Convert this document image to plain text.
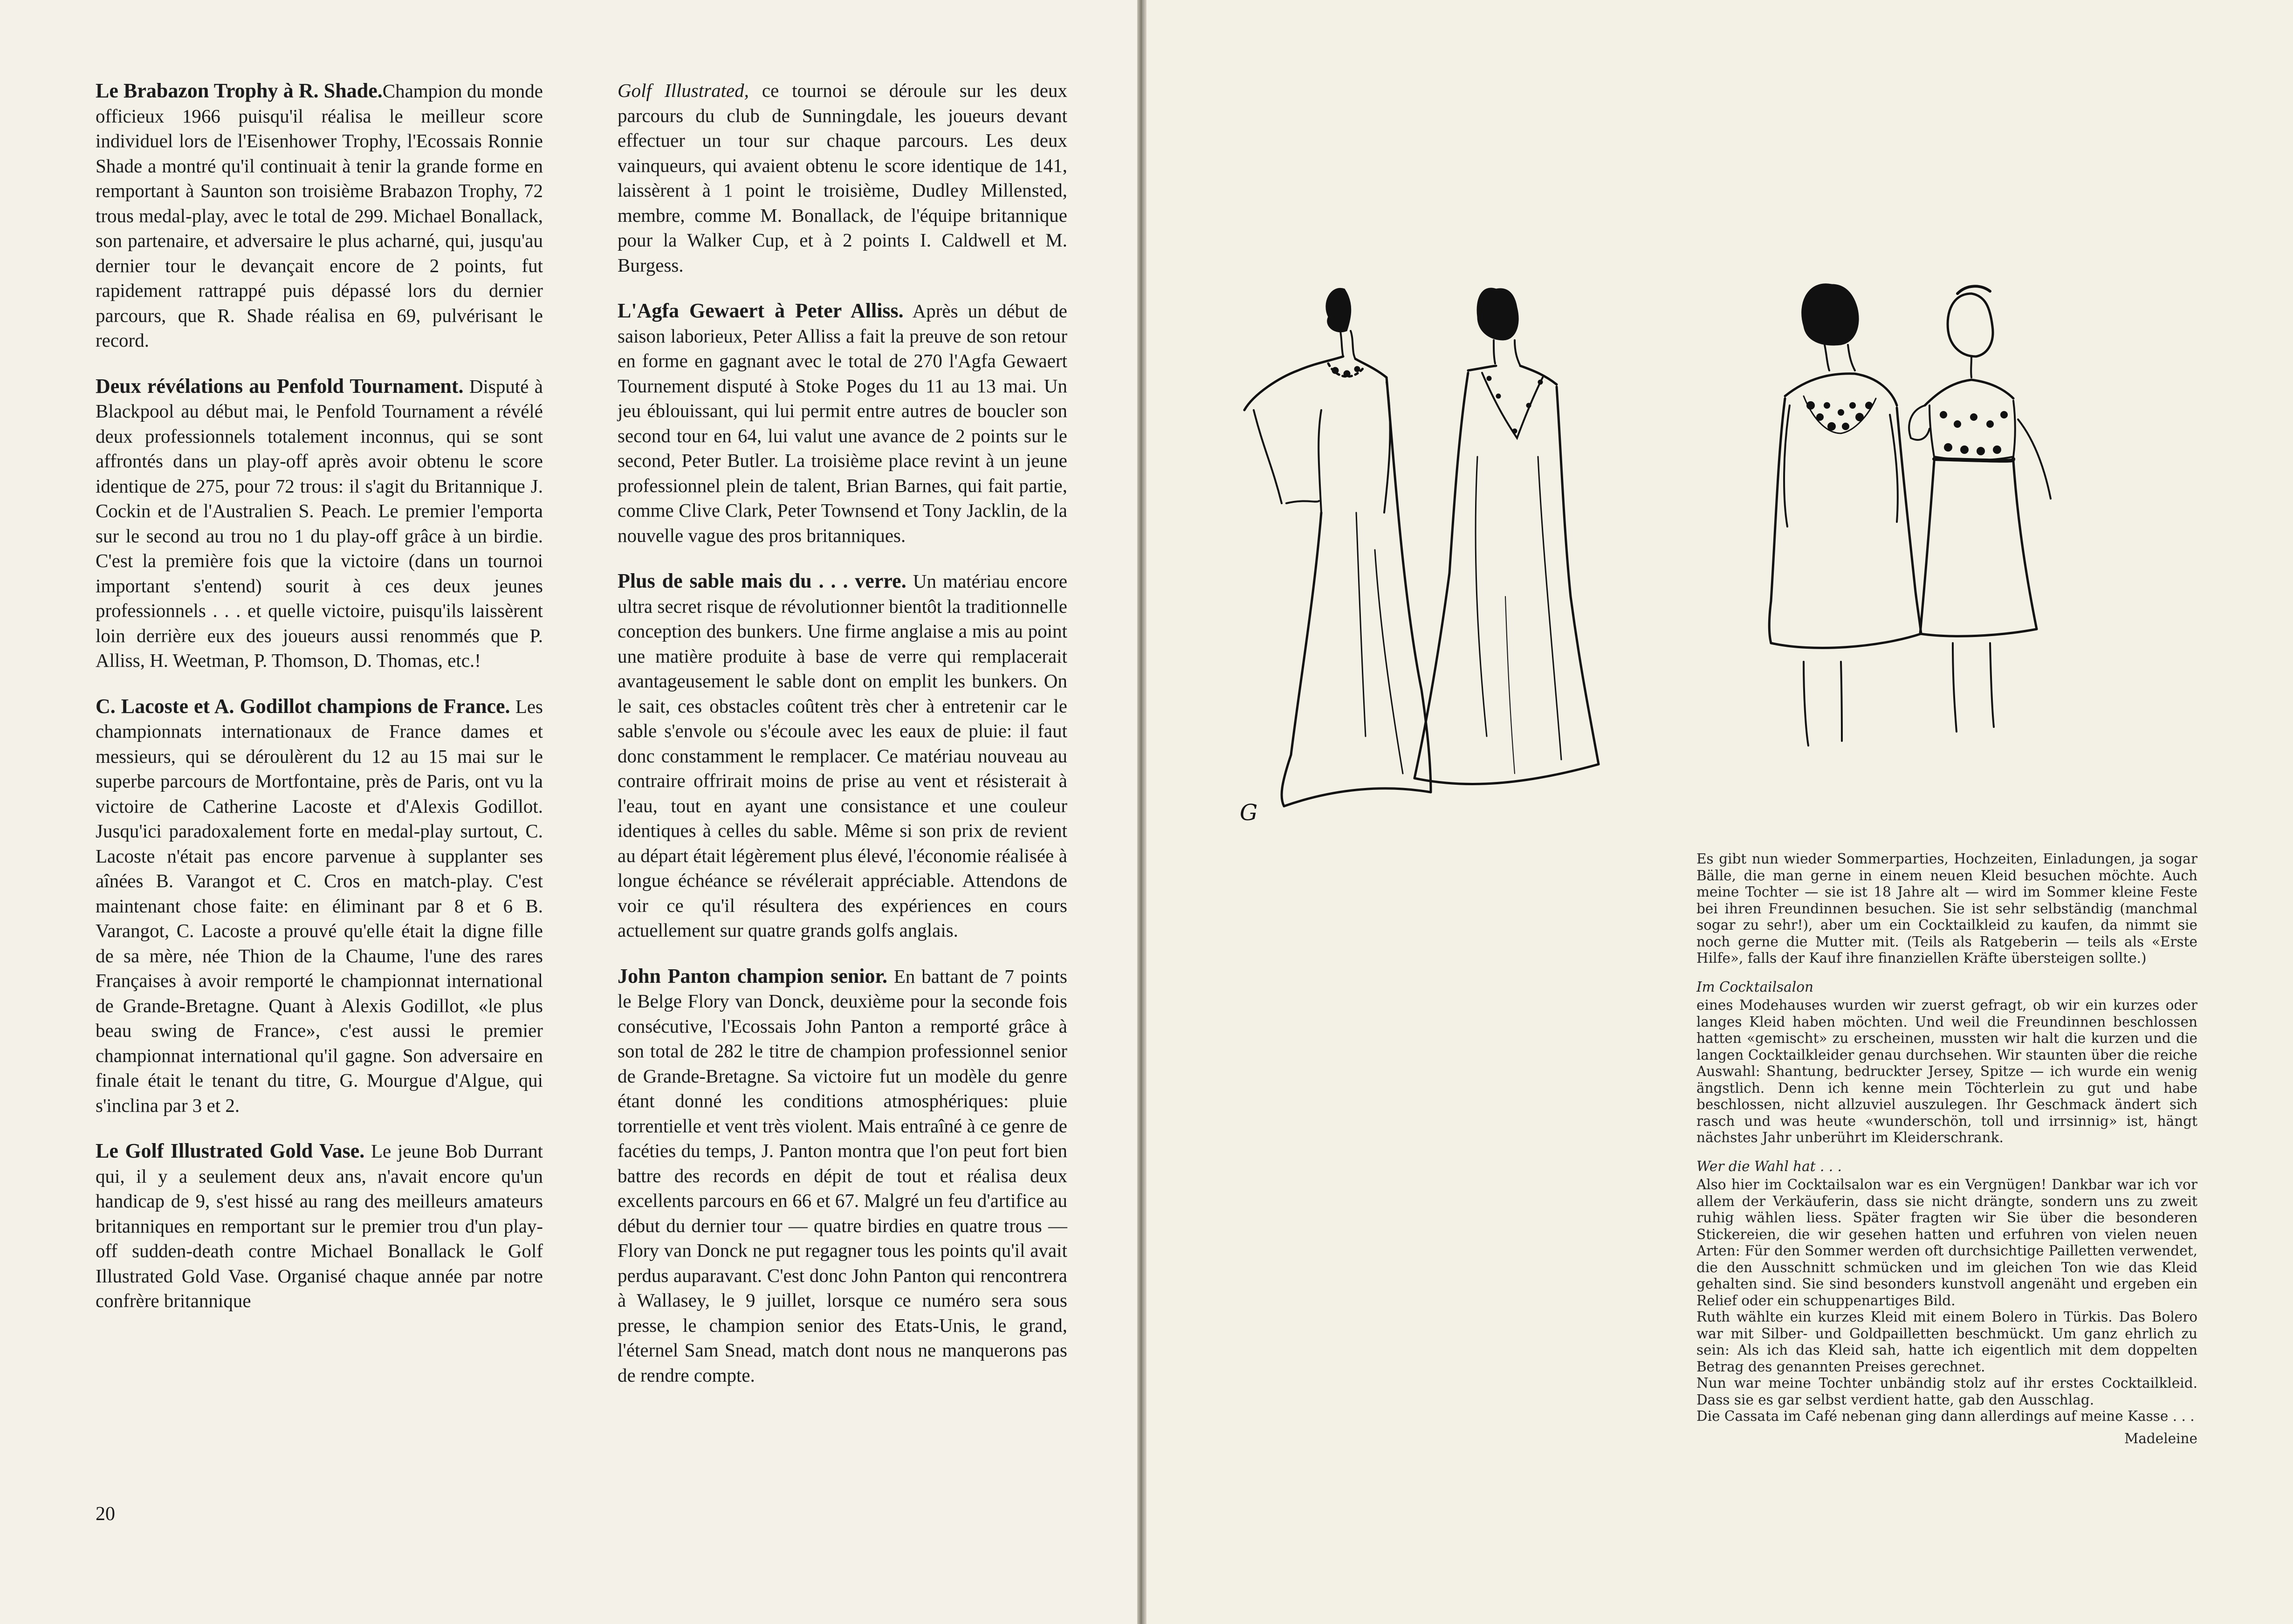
Le Brabazon Trophy à R. Shade.Champion du monde officieux 1966 puisqu'il réalisa le meilleur score individuel lors de l'Eisenhower Trophy, l'Ecossais Ronnie Shade a montré qu'il continuait à tenir la grande forme en remportant à Saunton son troisième Brabazon Trophy, 72 trous medal-play, avec le total de 299. Michael Bonallack, son partenaire, et adversaire le plus acharné, qui, jusqu'au dernier tour le devançait encore de 2 points, fut rapidement rattrappé puis dépassé lors du dernier parcours, que R. Shade réalisa en 69, pulvérisant le record.

Deux révélations au Penfold Tournament. Disputé à Blackpool au début mai, le Penfold Tournament a révélé deux professionnels totalement inconnus, qui se sont affrontés dans un play-off après avoir obtenu le score identique de 275, pour 72 trous: il s'agit du Britannique J. Cockin et de l'Australien S. Peach. Le premier l'emporta sur le second au trou no 1 du play-off grâce à un birdie. C'est la première fois que la victoire (dans un tournoi important s'entend) sourit à ces deux jeunes professionnels . . . et quelle victoire, puisqu'ils laissèrent loin derrière eux des joueurs aussi renommés que P. Alliss, H. Weetman, P. Thomson, D. Thomas, etc.!

C. Lacoste et A. Godillot champions de France. Les championnats internationaux de France dames et messieurs, qui se déroulèrent du 12 au 15 mai sur le superbe parcours de Mortfontaine, près de Paris, ont vu la victoire de Catherine Lacoste et d'Alexis Godillot. Jusqu'ici paradoxalement forte en medal-play surtout, C. Lacoste n'était pas encore parvenue à supplanter ses aînées B. Varangot et C. Cros en match-play. C'est maintenant chose faite: en éliminant par 8 et 6 B. Varangot, C. Lacoste a prouvé qu'elle était la digne fille de sa mère, née Thion de la Chaume, l'une des rares Françaises à avoir remporté le championnat international de Grande-Bretagne. Quant à Alexis Godillot, «le plus beau swing de France», c'est aussi le premier championnat international qu'il gagne. Son adversaire en finale était le tenant du titre, G. Mourgue d'Algue, qui s'inclina par 3 et 2.

Le Golf Illustrated Gold Vase. Le jeune Bob Durrant qui, il y a seulement deux ans, n'avait encore qu'un handicap de 9, s'est hissé au rang des meilleurs amateurs britanniques en remportant sur le premier trou d'un play-off sudden-death contre Michael Bonallack le Golf Illustrated Gold Vase. Organisé chaque année par notre confrère britannique

Golf Illustrated, ce tournoi se déroule sur les deux parcours du club de Sunningdale, les joueurs devant effectuer un tour sur chaque parcours. Les deux vainqueurs, qui avaient obtenu le score identique de 141, laissèrent à 1 point le troisième, Dudley Millensted, membre, comme M. Bonallack, de l'équipe britannique pour la Walker Cup, et à 2 points I. Caldwell et M. Burgess.

L'Agfa Gewaert à Peter Alliss. Après un début de saison laborieux, Peter Alliss a fait la preuve de son retour en forme en gagnant avec le total de 270 l'Agfa Gewaert Tournement disputé à Stoke Poges du 11 au 13 mai. Un jeu éblouissant, qui lui permit entre autres de boucler son second tour en 64, lui valut une avance de 2 points sur le second, Peter Butler. La troisième place revint à un jeune professionnel plein de talent, Brian Barnes, qui fait partie, comme Clive Clark, Peter Townsend et Tony Jacklin, de la nouvelle vague des pros britanniques.

Plus de sable mais du . . . verre. Un matériau encore ultra secret risque de révolutionner bientôt la traditionnelle conception des bunkers. Une firme anglaise a mis au point une matière produite à base de verre qui remplacerait avantageusement le sable dont on emplit les bunkers. On le sait, ces obstacles coûtent très cher à entretenir car le sable s'envole ou s'écoule avec les eaux de pluie: il faut donc constamment le remplacer. Ce matériau nouveau au contraire offrirait moins de prise au vent et résisterait à l'eau, tout en ayant une consistance et une couleur identiques à celles du sable. Même si son prix de revient au départ était légèrement plus élevé, l'économie réalisée à longue échéance se révélerait appréciable. Attendons de voir ce qu'il résultera des expériences en cours actuellement sur quatre grands golfs anglais.

John Panton champion senior. En battant de 7 points le Belge Flory van Donck, deuxième pour la seconde fois consécutive, l'Ecossais John Panton a remporté grâce à son total de 282 le titre de champion professionnel senior de Grande-Bretagne. Sa victoire fut un modèle du genre étant donné les conditions atmosphériques: pluie torrentielle et vent très violent. Mais entraîné à ce genre de facéties du temps, J. Panton montra que l'on peut fort bien battre des records en dépit de tout et réalisa deux excellents parcours en 66 et 67. Malgré un feu d'artifice au début du dernier tour — quatre birdies en quatre trous — Flory van Donck ne put regagner tous les points qu'il avait perdus auparavant. C'est donc John Panton qui rencontrera à Wallasey, le 9 juillet, lorsque ce numéro sera sous presse, le champion senior des Etats-Unis, le grand, l'éternel Sam Snead, match dont nous ne manquerons pas de rendre compte.

20

G

Es gibt nun wieder Sommerparties, Hochzeiten, Einladungen, ja sogar Bälle, die man gerne in einem neuen Kleid besuchen möchte. Auch meine Tochter — sie ist 18 Jahre alt — wird im Sommer kleine Feste bei ihren Freundinnen besuchen. Sie ist sehr selbständig (manchmal sogar zu sehr!), aber um ein Cocktailkleid zu kaufen, da nimmt sie noch gerne die Mutter mit. (Teils als Ratgeberin — teils als «Erste Hilfe», falls der Kauf ihre finanziellen Kräfte übersteigen sollte.)

Im Cocktailsalon

eines Modehauses wurden wir zuerst gefragt, ob wir ein kurzes oder langes Kleid haben möchten. Und weil die Freundinnen beschlossen hatten «gemischt» zu erscheinen, mussten wir halt die kurzen und die langen Cocktailkleider genau durchsehen. Wir staunten über die reiche Auswahl: Shantung, bedruckter Jersey, Spitze — ich wurde ein wenig ängstlich. Denn ich kenne mein Töchterlein zu gut und habe beschlossen, nicht allzuviel auszulegen. Ihr Geschmack ändert sich rasch und was heute «wunderschön, toll und irrsinnig» ist, hängt nächstes Jahr unberührt im Kleiderschrank.

Wer die Wahl hat . . .

Also hier im Cocktailsalon war es ein Vergnügen! Dankbar war ich vor allem der Verkäuferin, dass sie nicht drängte, sondern uns zu zweit ruhig wählen liess. Später fragten wir Sie über die besonderen Stickereien, die wir gesehen hatten und erfuhren von vielen neuen Arten: Für den Sommer werden oft durchsichtige Pailletten verwendet, die den Ausschnitt schmücken und im gleichen Ton wie das Kleid gehalten sind. Sie sind besonders kunstvoll angenäht und ergeben ein Relief oder ein schuppenartiges Bild.

Ruth wählte ein kurzes Kleid mit einem Bolero in Türkis. Das Bolero war mit Silber- und Goldpailletten beschmückt. Um ganz ehrlich zu sein: Als ich das Kleid sah, hatte ich eigentlich mit dem doppelten Betrag des genannten Preises gerechnet.

Nun war meine Tochter unbändig stolz auf ihr erstes Cocktailkleid. Dass sie es gar selbst verdient hatte, gab den Ausschlag.

Die Cassata im Café nebenan ging dann allerdings auf meine Kasse . . .

Madeleine
